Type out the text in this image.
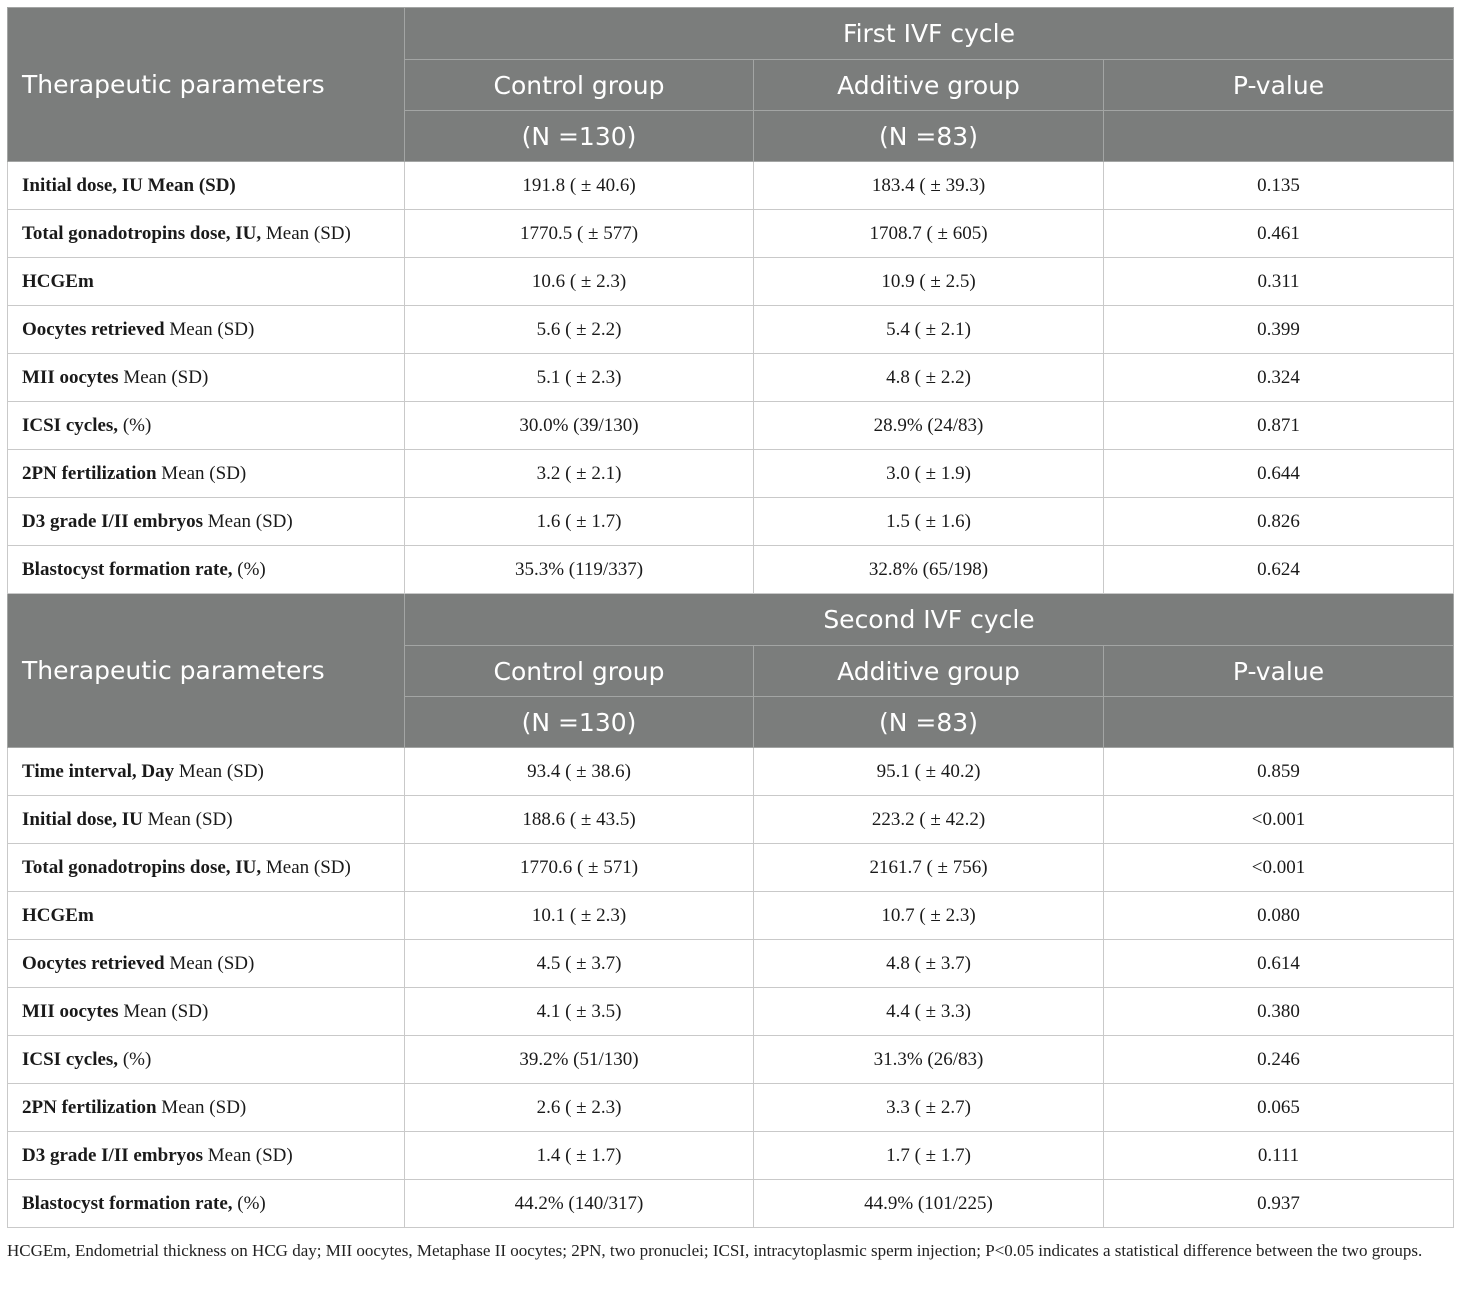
Therapeutic parameters	First IVF cycle		
	Control group	Additive group	P-value
	(N =130)	(N =83)	
Initial dose, IU Mean (SD)	191.8 ( ± 40.6)	183.4 ( ± 39.3)	0.135
Total gonadotropins dose, IU, Mean (SD)	1770.5 ( ± 577)	1708.7 ( ± 605)	0.461
HCGEm	10.6 ( ± 2.3)	10.9 ( ± 2.5)	0.311
Oocytes retrieved Mean (SD)	5.6 ( ± 2.2)	5.4 ( ± 2.1)	0.399
MII oocytes Mean (SD)	5.1 ( ± 2.3)	4.8 ( ± 2.2)	0.324
ICSI cycles, (%)	30.0% (39/130)	28.9% (24/83)	0.871
2PN fertilization Mean (SD)	3.2 ( ± 2.1)	3.0 ( ± 1.9)	0.644
D3 grade I/II embryos Mean (SD)	1.6 ( ± 1.7)	1.5 ( ± 1.6)	0.826
Blastocyst formation rate, (%)	35.3% (119/337)	32.8% (65/198)	0.624
Therapeutic parameters	Second IVF cycle		
	Control group	Additive group	P-value
	(N =130)	(N =83)	
Time interval, Day Mean (SD)	93.4 ( ± 38.6)	95.1 ( ± 40.2)	0.859
Initial dose, IU Mean (SD)	188.6 ( ± 43.5)	223.2 ( ± 42.2)	<0.001
Total gonadotropins dose, IU, Mean (SD)	1770.6 ( ± 571)	2161.7 ( ± 756)	<0.001
HCGEm	10.1 ( ± 2.3)	10.7 ( ± 2.3)	0.080
Oocytes retrieved Mean (SD)	4.5 ( ± 3.7)	4.8 ( ± 3.7)	0.614
MII oocytes Mean (SD)	4.1 ( ± 3.5)	4.4 ( ± 3.3)	0.380
ICSI cycles, (%)	39.2% (51/130)	31.3% (26/83)	0.246
2PN fertilization Mean (SD)	2.6 ( ± 2.3)	3.3 ( ± 2.7)	0.065
D3 grade I/II embryos Mean (SD)	1.4 ( ± 1.7)	1.7 ( ± 1.7)	0.111
Blastocyst formation rate, (%)	44.2% (140/317)	44.9% (101/225)	0.937
HCGEm, Endometrial thickness on HCG day; MII oocytes, Metaphase II oocytes; 2PN, two pronuclei; ICSI, intracytoplasmic sperm injection; P<0.05 indicates a statistical difference between the two groups.
